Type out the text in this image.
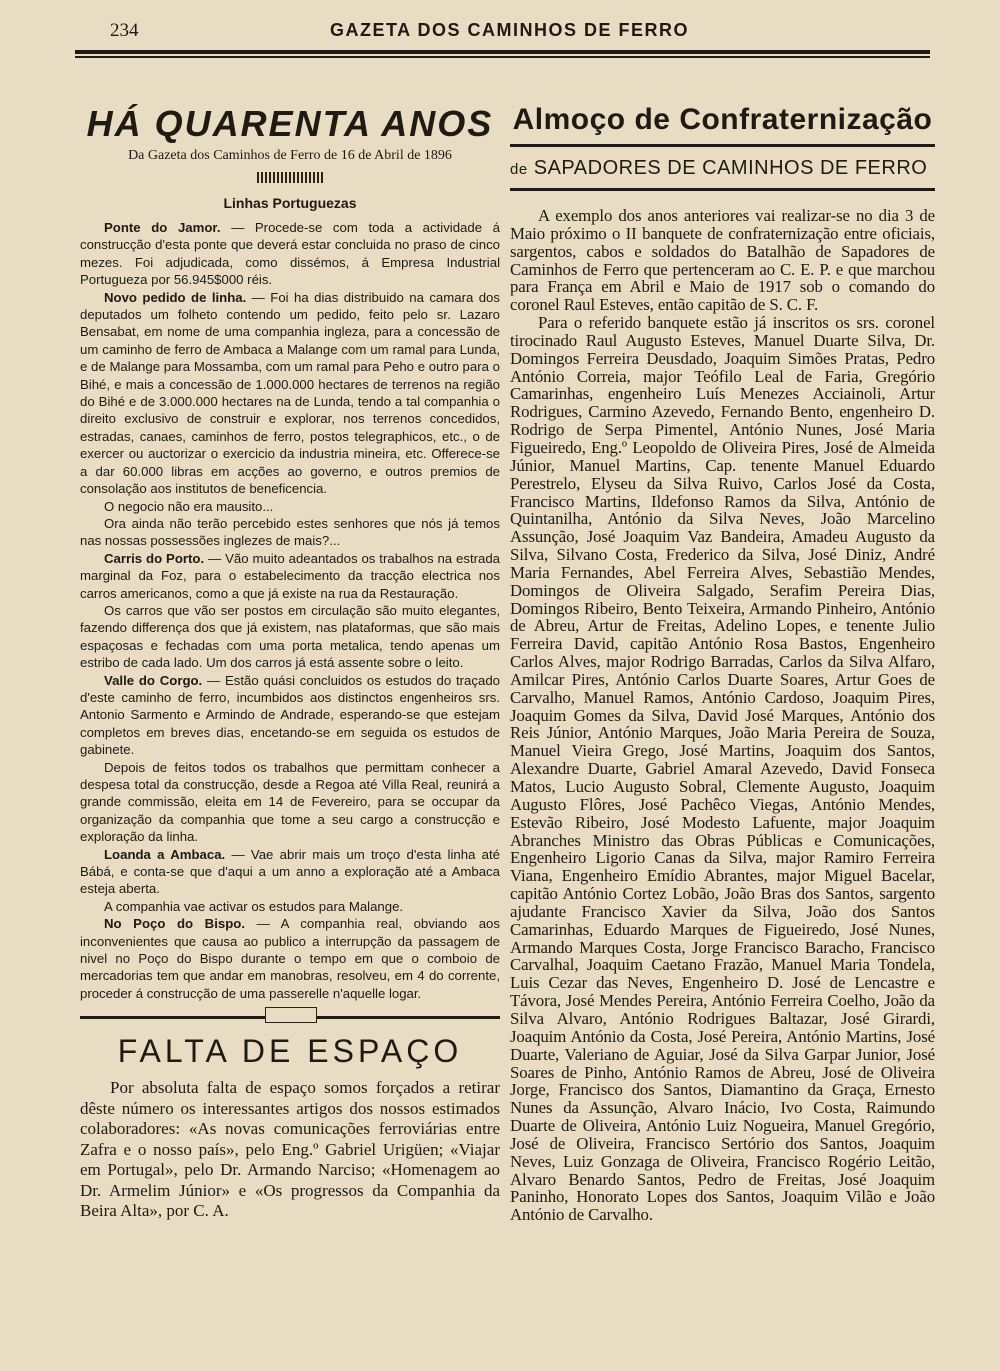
234	GAZETA DOS CAMINHOS DE FERRO
HÁ QUARENTA ANOS
Da Gazeta dos Caminhos de Ferro de 16 de Abril de 1896
Linhas Portuguezas

Ponte do Jamor. — Procede-se com toda a actividade á construcção d'esta ponte que deverá estar concluida no praso de cinco mezes. Foi adjudicada, como dissémos, á Empresa Industrial Portugueza por 56.945$000 réis.

Novo pedido de linha. — Foi ha dias distribuido na camara dos deputados um folheto contendo um pedido, feito pelo sr. Lazaro Bensabat, em nome de uma companhia ingleza, para a concessão de um caminho de ferro de Ambaca a Malange com um ramal para Lunda, e de Malange para Mossamba, com um ramal para Peho e outro para o Bihé, e mais a concessão de 1.000.000 hectares de terrenos na região do Bihé e de 3.000.000 hectares na de Lunda, tendo a tal companhia o direito exclusivo de construir e explorar, nos terrenos concedidos, estradas, canaes, caminhos de ferro, postos telegraphicos, etc., o de exercer ou auctorizar o exercicio da industria mineira, etc. Offerece-se a dar 60.000 libras em acções ao governo, e outros premios de consolação aos institutos de beneficencia.

O negocio não era mausito...

Ora ainda não terão percebido estes senhores que nós já temos nas nossas possessões inglezes de mais?...

Carris do Porto. — Vão muito adeantados os trabalhos na estrada marginal da Foz, para o estabelecimento da tracção electrica nos carros americanos, como a que já existe na rua da Restauração.

Os carros que vão ser postos em circulação são muito elegantes, fazendo differença dos que já existem, nas plataformas, que são mais espaçosas e fechadas com uma porta metalica, tendo apenas um estribo de cada lado. Um dos carros já está assente sobre o leito.

Valle do Corgo. — Estão quási concluidos os estudos do traçado d'este caminho de ferro, incumbidos aos distinctos engenheiros srs. Antonio Sarmento e Armindo de Andrade, esperando-se que estejam completos em breves dias, encetando-se em seguida os estudos de gabinete.

Depois de feitos todos os trabalhos que permittam conhecer a despesa total da construcção, desde a Regoa até Villa Real, reunirá a grande commissão, eleita em 14 de Fevereiro, para se occupar da organização da companhia que tome a seu cargo a construcção e exploração da linha.

Loanda a Ambaca. — Vae abrir mais um troço d'esta linha até Bábá, e conta-se que d'aqui a um anno a exploração até a Ambaca esteja aberta.

A companhia vae activar os estudos para Malange.

No Poço do Bispo. — A companhia real, obviando aos inconvenientes que causa ao publico a interrupção da passagem de nivel no Poço do Bispo durante o tempo em que o comboio de mercadorias tem que andar em manobras, resolveu, em 4 do corrente, proceder á construcção de uma passerelle n'aquelle logar.

FALTA DE ESPAÇO

Por absoluta falta de espaço somos forçados a retirar dêste número os interessantes artigos dos nossos estimados colaboradores: «As novas comunicações ferroviárias entre Zafra e o nosso país», pelo Eng.º Gabriel Urigüen; «Viajar em Portugal», pelo Dr. Armando Narciso; «Homenagem ao Dr. Armelim Júnior» e «Os progressos da Companhia da Beira Alta», por C. A.

Almoço de Confraternização
de SAPADORES DE CAMINHOS DE FERRO

A exemplo dos anos anteriores vai realizar-se no dia 3 de Maio próximo o II banquete de confraternização entre oficiais, sargentos, cabos e soldados do Batalhão de Sapadores de Caminhos de Ferro que pertenceram ao C. E. P. e que marchou para França em Abril e Maio de 1917 sob o comando do coronel Raul Esteves, então capitão de S. C. F.

Para o referido banquete estão já inscritos os srs. coronel tirocinado Raul Augusto Esteves, Manuel Duarte Silva, Dr. Domingos Ferreira Deusdado, Joaquim Simões Pratas, Pedro António Correia, major Teófilo Leal de Faria, Gregório Camarinhas, engenheiro Luís Menezes Acciainoli, Artur Rodrigues, Carmino Azevedo, Fernando Bento, engenheiro D. Rodrigo de Serpa Pimentel, António Nunes, José Maria Figueiredo, Eng.º Leopoldo de Oliveira Pires, José de Almeida Júnior, Manuel Martins, Cap. tenente Manuel Eduardo Perestrelo, Elyseu da Silva Ruivo, Carlos José da Costa, Francisco Martins, Ildefonso Ramos da Silva, António de Quintanilha, António da Silva Neves, João Marcelino Assunção, José Joaquim Vaz Bandeira, Amadeu Augusto da Silva, Silvano Costa, Frederico da Silva, José Diniz, André Maria Fernandes, Abel Ferreira Alves, Sebastião Mendes, Domingos de Oliveira Salgado, Serafim Pereira Dias, Domingos Ribeiro, Bento Teixeira, Armando Pinheiro, António de Abreu, Artur de Freitas, Adelino Lopes, e tenente Julio Ferreira David, capitão António Rosa Bastos, Engenheiro Carlos Alves, major Rodrigo Barradas, Carlos da Silva Alfaro, Amilcar Pires, António Carlos Duarte Soares, Artur Goes de Carvalho, Manuel Ramos, António Cardoso, Joaquim Pires, Joaquim Gomes da Silva, David José Marques, António dos Reis Júnior, António Marques, João Maria Pereira de Souza, Manuel Vieira Grego, José Martins, Joaquim dos Santos, Alexandre Duarte, Gabriel Amaral Azevedo, David Fonseca Matos, Lucio Augusto Sobral, Clemente Augusto, Joaquim Augusto Flôres, José Pachêco Viegas, António Mendes, Estevão Ribeiro, José Modesto Lafuente, major Joaquim Abranches Ministro das Obras Públicas e Comunicações, Engenheiro Ligorio Canas da Silva, major Ramiro Ferreira Viana, Engenheiro Emídio Abrantes, major Miguel Bacelar, capitão António Cortez Lobão, João Bras dos Santos, sargento ajudante Francisco Xavier da Silva, João dos Santos Camarinhas, Eduardo Marques de Figueiredo, José Nunes, Armando Marques Costa, Jorge Francisco Baracho, Francisco Carvalhal, Joaquim Caetano Frazão, Manuel Maria Tondela, Luis Cezar das Neves, Engenheiro D. José de Lencastre e Távora, José Mendes Pereira, António Ferreira Coelho, João da Silva Alvaro, António Rodrigues Baltazar, José Girardi, Joaquim António da Costa, José Pereira, António Martins, José Duarte, Valeriano de Aguiar, José da Silva Garpar Junior, José Soares de Pinho, António Ramos de Abreu, José de Oliveira Jorge, Francisco dos Santos, Diamantino da Graça, Ernesto Nunes da Assunção, Alvaro Inácio, Ivo Costa, Raimundo Duarte de Oliveira, António Luiz Nogueira, Manuel Gregório, José de Oliveira, Francisco Sertório dos Santos, Joaquim Neves, Luiz Gonzaga de Oliveira, Francisco Rogério Leitão, Alvaro Benardo Santos, Pedro de Freitas, José Joaquim Paninho, Honorato Lopes dos Santos, Joaquim Vilão e João António de Carvalho.
